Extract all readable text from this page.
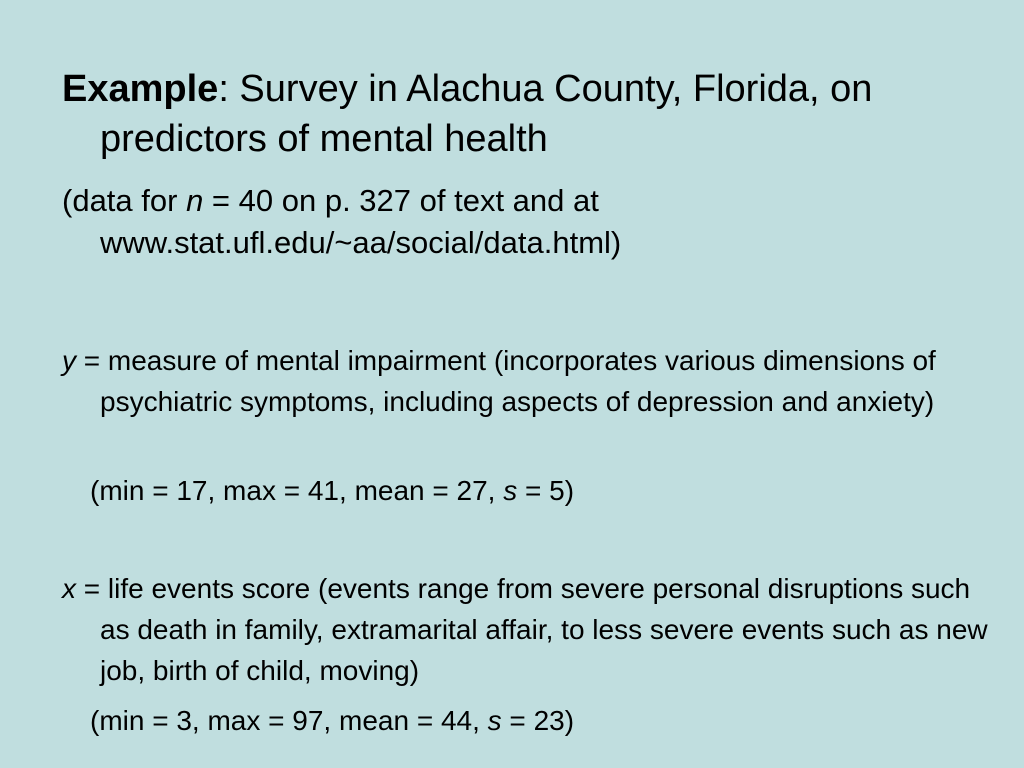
Example: Survey in Alachua County, Florida, on predictors of mental health

(data for n = 40 on p. 327 of text and at www.stat.ufl.edu/~aa/social/data.html)

y = measure of mental impairment (incorporates various dimensions of psychiatric symptoms, including aspects of depression and anxiety)

(min = 17, max = 41, mean = 27, s = 5)

x = life events score (events range from severe personal disruptions such as death in family, extramarital affair, to less severe events such as new job, birth of child, moving)

(min = 3, max = 97, mean = 44, s = 23)
